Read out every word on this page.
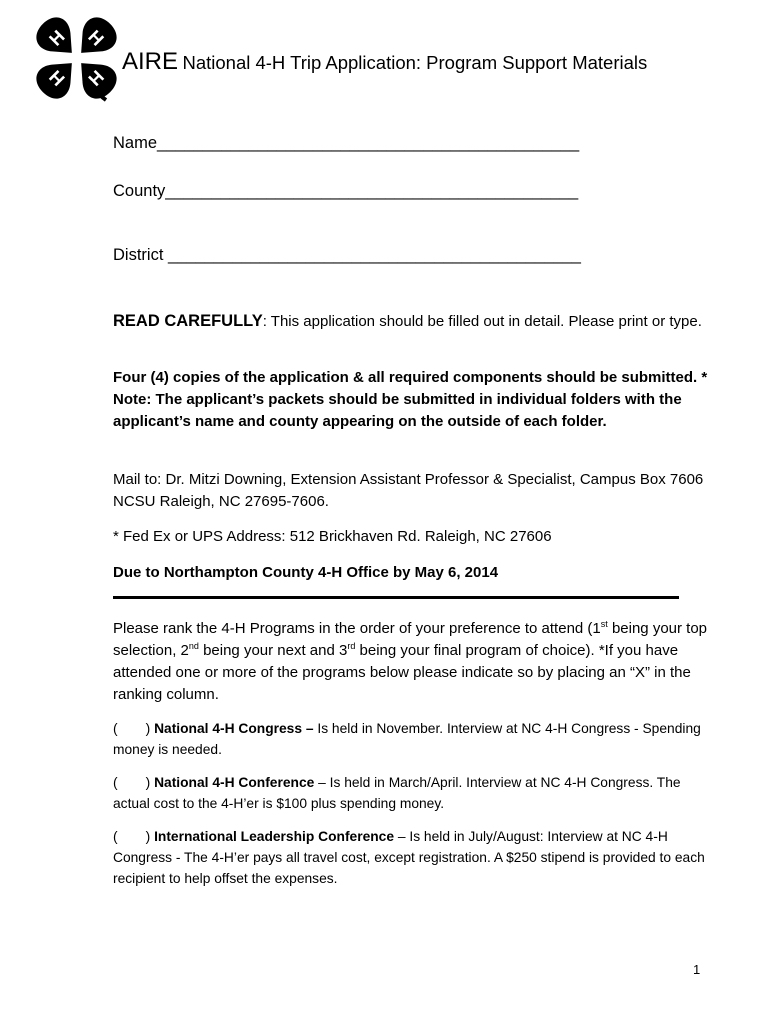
H H
H H
AIRE National 4-H Trip Application: Program Support Materials
Name______________________________________________
County_____________________________________________
District _____________________________________________
READ CAREFULLY: This application should be filled out in detail. Please print or type.
Four (4) copies of the application & all required components should be submitted. * Note: The applicant’s packets should be submitted in individual folders with the applicant’s name and county appearing on the outside of each folder.
Mail to: Dr. Mitzi Downing, Extension Assistant Professor & Specialist, Campus Box 7606 NCSU Raleigh, NC 27695-7606.
* Fed Ex or UPS Address: 512 Brickhaven Rd. Raleigh, NC 27606
Due to Northampton County 4-H Office by May 6, 2014
Please rank the 4-H Programs in the order of your preference to attend (1st being your top selection, 2nd being your next and 3rd being your final program of choice). *If you have attended one or more of the programs below please indicate so by placing an “X” in the ranking column.
( ) National 4-H Congress – Is held in November. Interview at NC 4-H Congress - Spending money is needed.
( ) National 4-H Conference – Is held in March/April. Interview at NC 4-H Congress. The actual cost to the 4-H’er is $100 plus spending money.
( ) International Leadership Conference – Is held in July/August: Interview at NC 4-H Congress - The 4-H’er pays all travel cost, except registration. A $250 stipend is provided to each recipient to help offset the expenses.
1
